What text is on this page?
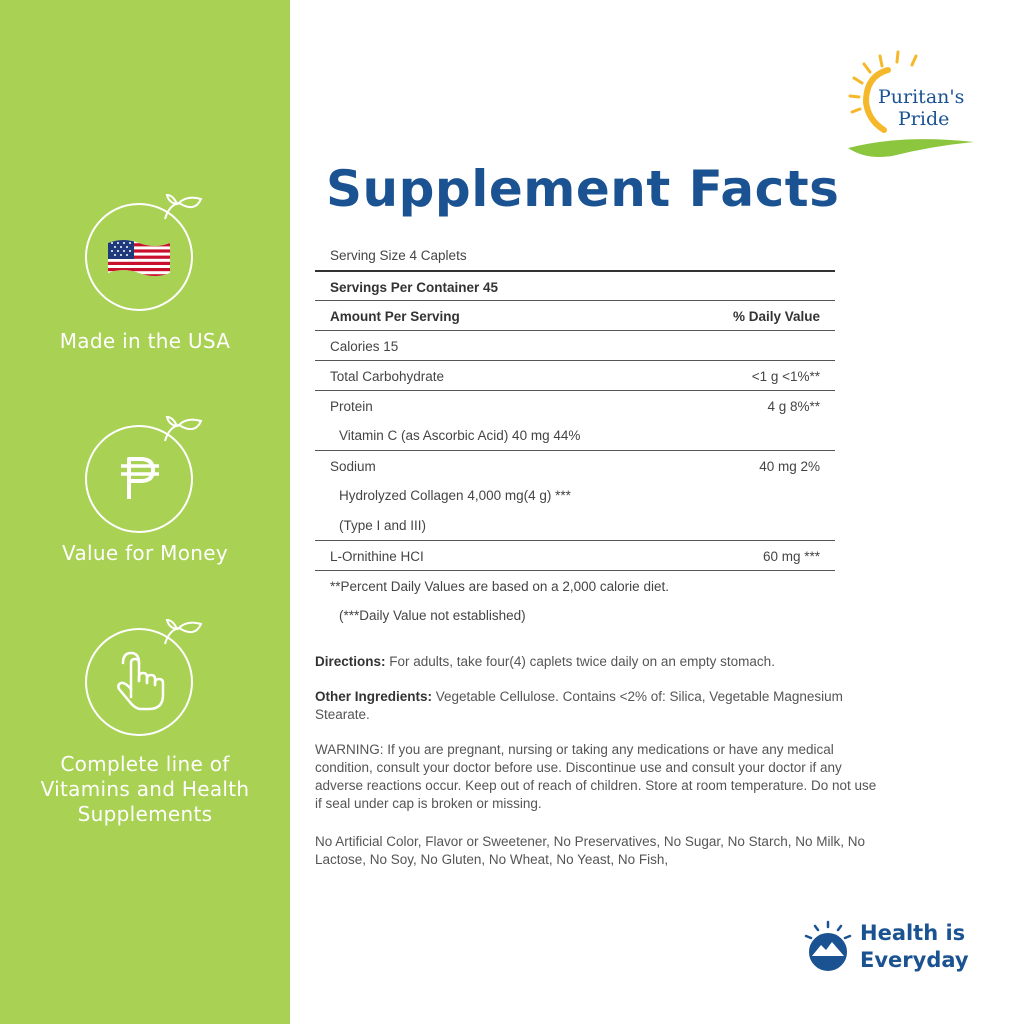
Made in the USA
Value for Money
Complete line of
Vitamins and Health
Supplements
Puritan's
Pride
Supplement Facts
Serving Size 4 Caplets
Servings Per Container 45
Amount Per Serving	% Daily Value
Calories 15
Total Carbohydrate	<1 g <1%**
Protein	4 g 8%**
Vitamin C (as Ascorbic Acid) 40 mg 44%
Sodium	40 mg 2%
Hydrolyzed Collagen 4,000 mg(4 g) ***
(Type I and III)
L-Ornithine HCI	60 mg ***
**Percent Daily Values are based on a 2,000 calorie diet.
(***Daily Value not established)
Directions: For adults, take four(4) caplets twice daily on an empty stomach.
Other Ingredients: Vegetable Cellulose. Contains <2% of: Silica, Vegetable Magnesium Stearate.
WARNING: If you are pregnant, nursing or taking any medications or have any medical condition, consult your doctor before use. Discontinue use and consult your doctor if any adverse reactions occur. Keep out of reach of children. Store at room temperature. Do not use if seal under cap is broken or missing.
No Artificial Color, Flavor or Sweetener, No Preservatives, No Sugar, No Starch, No Milk, No Lactose, No Soy, No Gluten, No Wheat, No Yeast, No Fish,
Health is
Everyday
